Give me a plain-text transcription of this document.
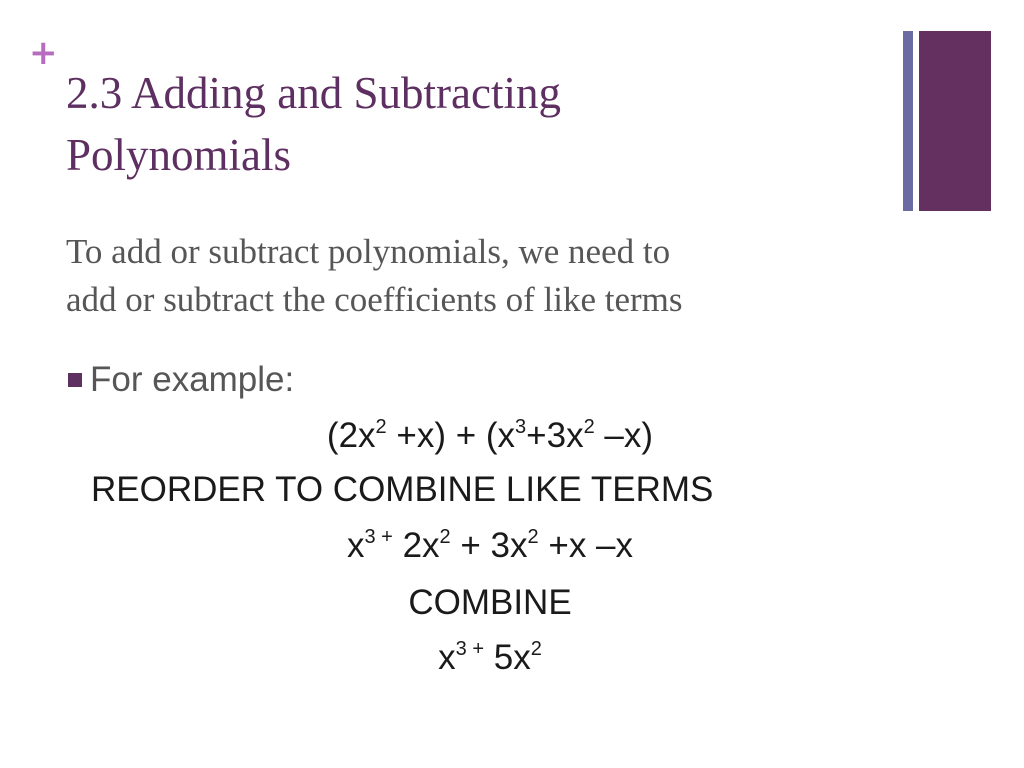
+
2.3 Adding and Subtracting
Polynomials

To add or subtract polynomials, we need to
add or subtract the coefficients of like terms

For example:
$(2x^2 +x) + (x^3+3x^2$ –x)
REORDER TO COMBINE LIKE TERMS
$x^{3 +}$ $2x^2 + 3x^2 +x$ –x
COMBINE
$x^{3 +}$ $5x^2$
